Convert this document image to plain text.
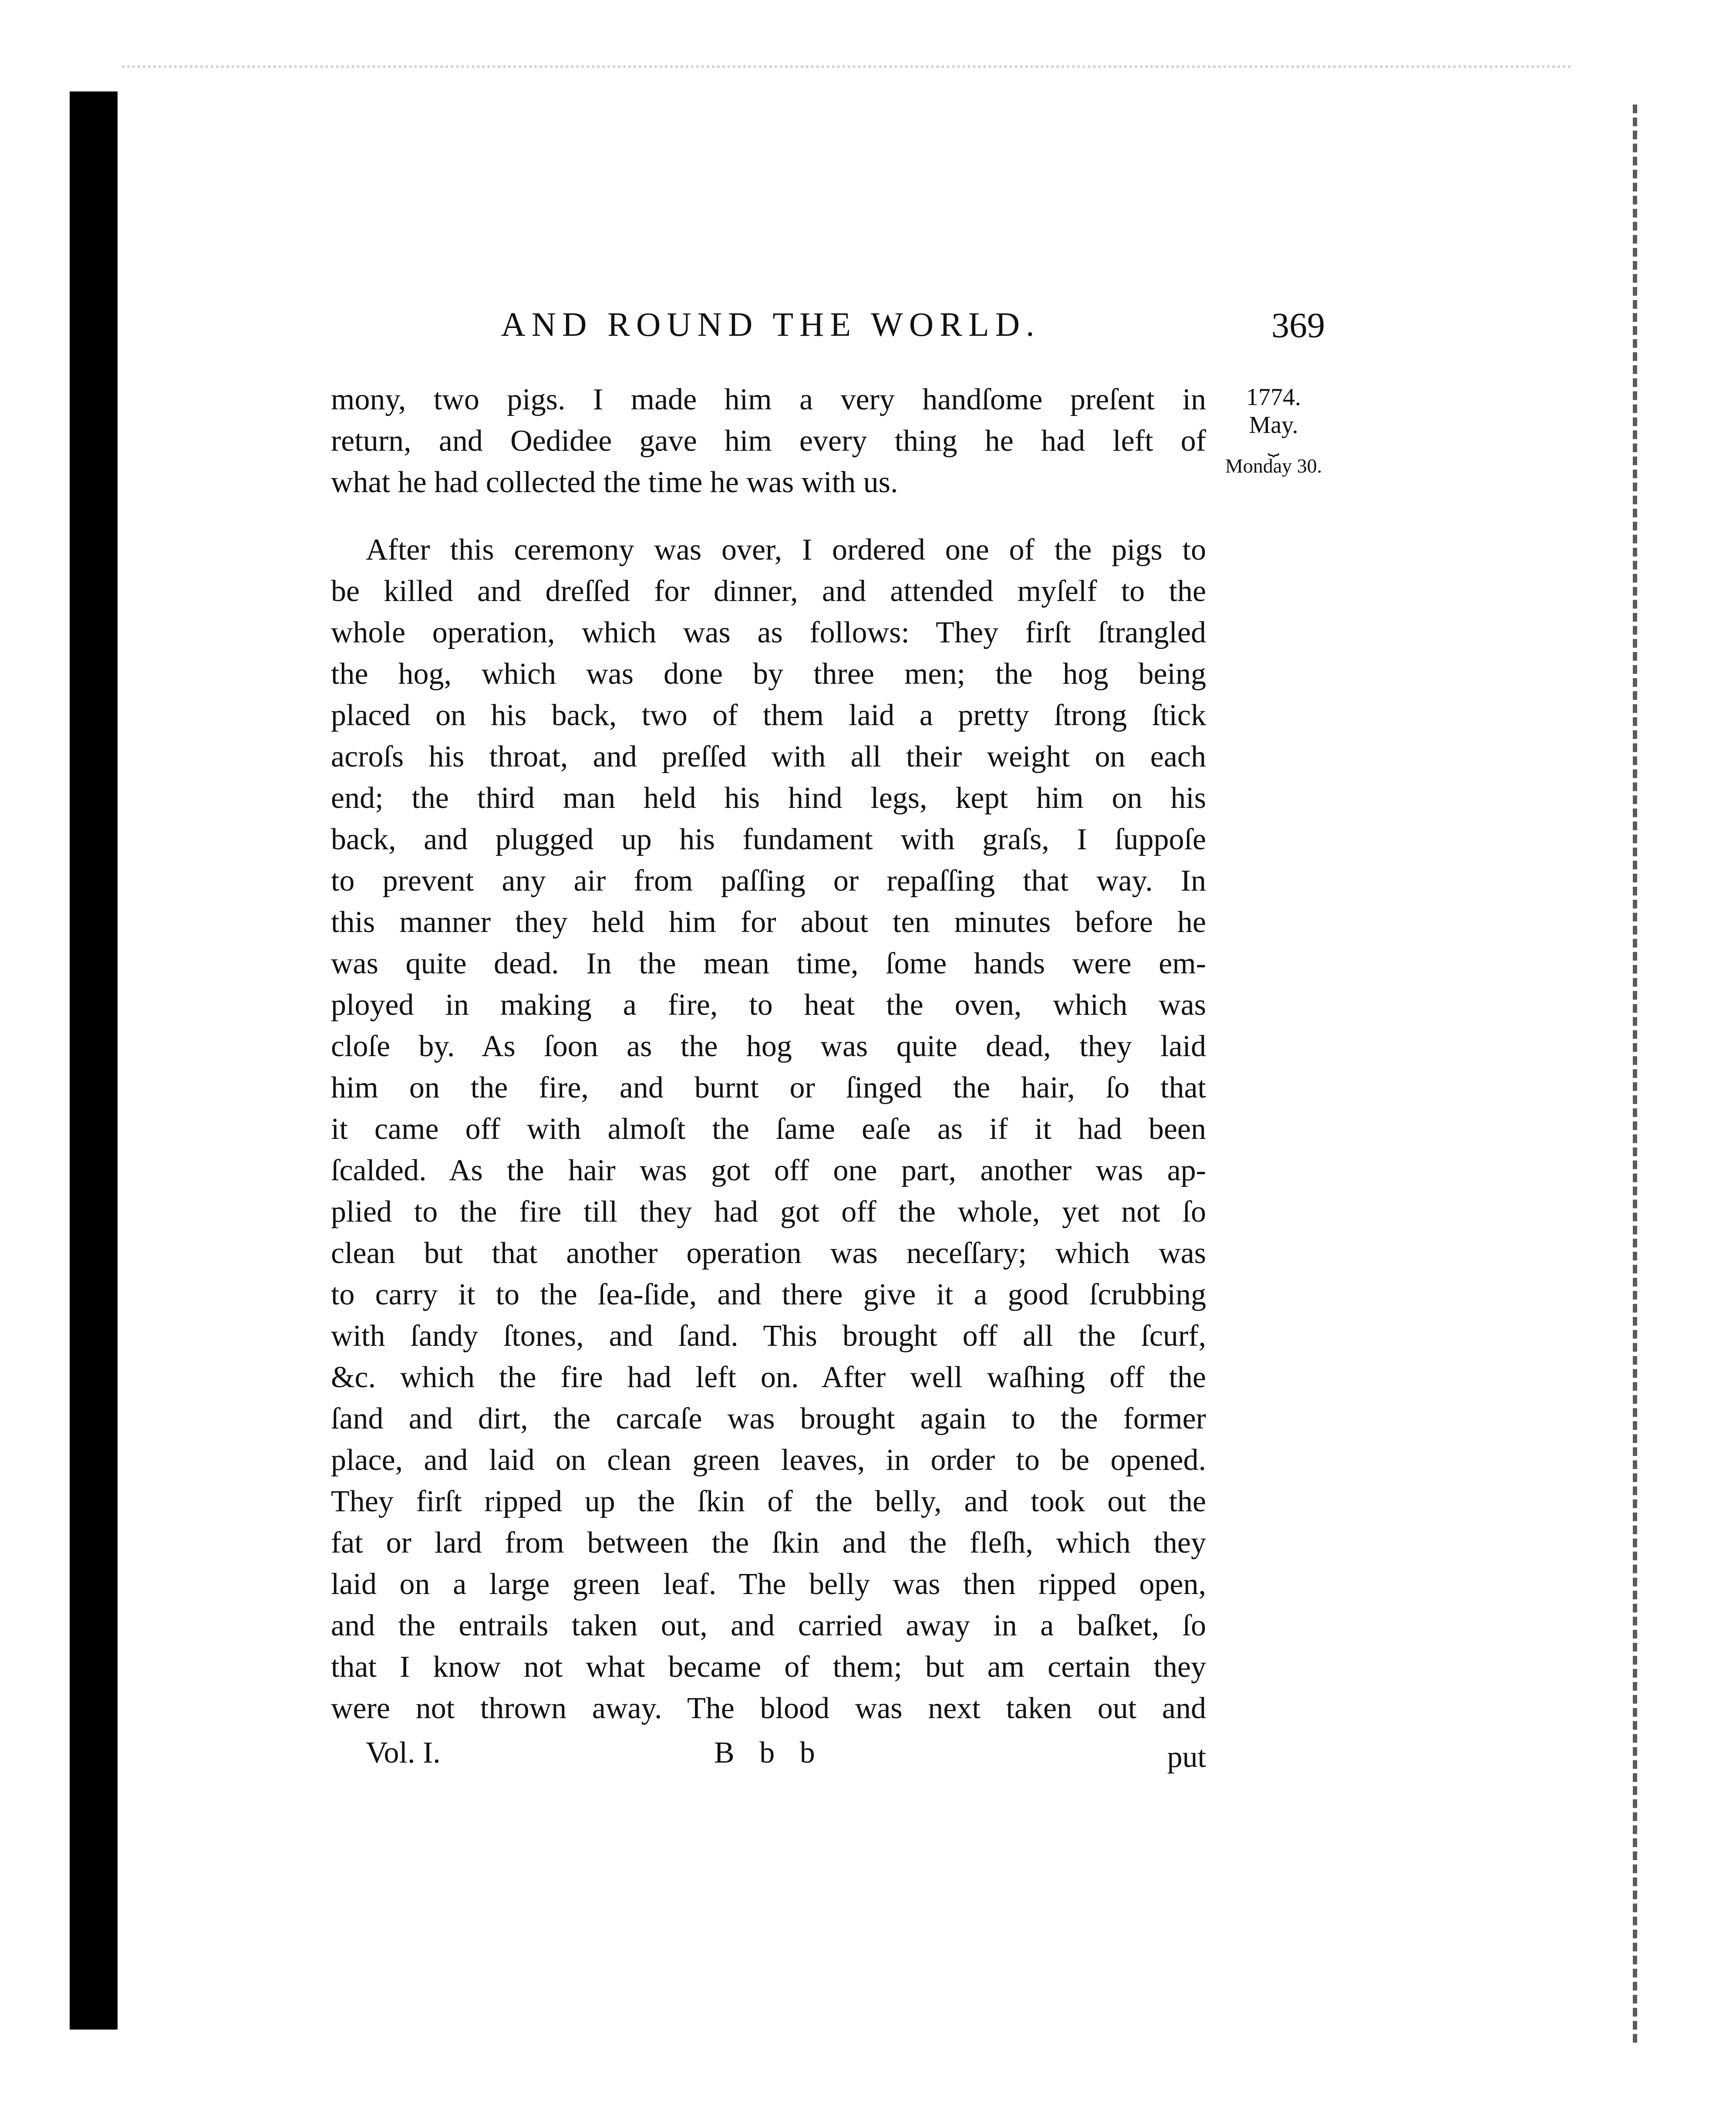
AND ROUND THE WORLD.	369
1774.
May.
⏟
Monday 30.
mony, two pigs. I made him a very handſome preſent in
return, and Oedidee gave him every thing he had left of
what he had collected the time he was with us.
After this ceremony was over, I ordered one of the pigs to
be killed and dreſſed for dinner, and attended myſelf to the
whole operation, which was as follows: They firſt ſtrangled
the hog, which was done by three men; the hog being
placed on his back, two of them laid a pretty ſtrong ſtick
acroſs his throat, and preſſed with all their weight on each
end; the third man held his hind legs, kept him on his
back, and plugged up his fundament with graſs, I ſuppoſe
to prevent any air from paſſing or repaſſing that way. In
this manner they held him for about ten minutes before he
was quite dead. In the mean time, ſome hands were em-
ployed in making a fire, to heat the oven, which was
cloſe by. As ſoon as the hog was quite dead, they laid
him on the fire, and burnt or ſinged the hair, ſo that
it came off with almoſt the ſame eaſe as if it had been
ſcalded. As the hair was got off one part, another was ap-
plied to the fire till they had got off the whole, yet not ſo
clean but that another operation was neceſſary; which was
to carry it to the ſea-ſide, and there give it a good ſcrubbing
with ſandy ſtones, and ſand. This brought off all the ſcurf,
&c. which the fire had left on. After well waſhing off the
ſand and dirt, the carcaſe was brought again to the former
place, and laid on clean green leaves, in order to be opened.
They firſt ripped up the ſkin of the belly, and took out the
fat or lard from between the ſkin and the fleſh, which they
laid on a large green leaf. The belly was then ripped open,
and the entrails taken out, and carried away in a baſket, ſo
that I know not what became of them; but am certain they
were not thrown away. The blood was next taken out and
Vol. I.	B b b	put
